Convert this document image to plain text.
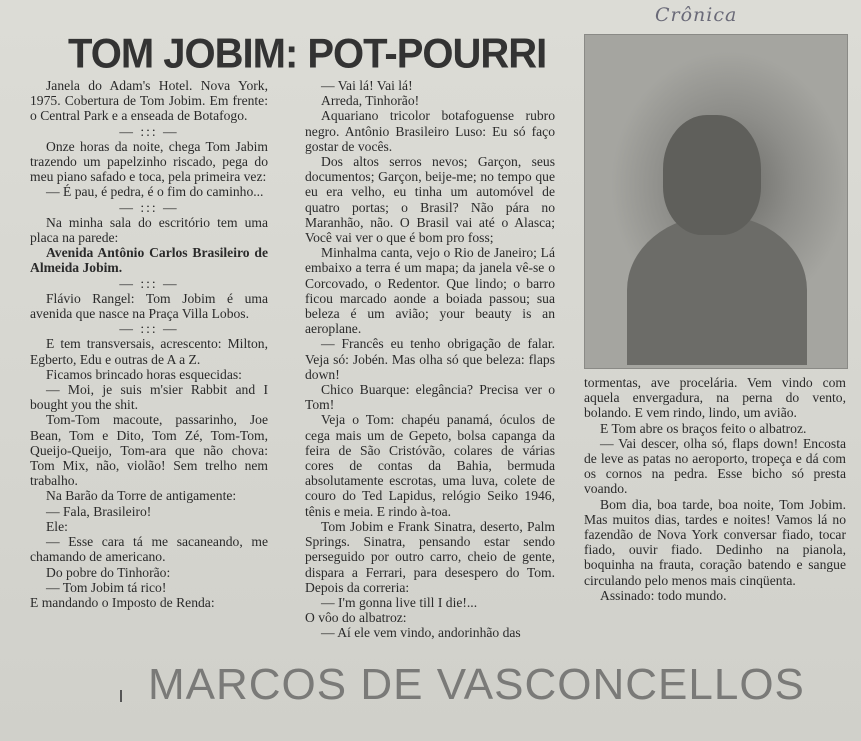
Crônica
TOM JOBIM: POT-POURRI

Janela do Adam's Hotel. Nova York, 1975. Cobertura de Tom Jobim. Em frente: o Central Park e a enseada de Botafogo.

— ::: —

Onze horas da noite, chega Tom Jabim trazendo um papelzinho riscado, pega do meu piano safado e toca, pela primeira vez:

— É pau, é pedra, é o fim do caminho...

— ::: —

Na minha sala do escritório tem uma placa na parede:

Avenida Antônio Carlos Brasileiro de Almeida Jobim.

— ::: —

Flávio Rangel: Tom Jobim é uma avenida que nasce na Praça Villa Lobos.

— ::: —

E tem transversais, acrescento: Milton, Egberto, Edu e outras de A a Z.

Ficamos brincado horas esquecidas:

— Moi, je suis m'sier Rabbit and I bought you the shit.

Tom-Tom macoute, passarinho, Joe Bean, Tom e Dito, Tom Zé, Tom-Tom, Queijo-Queijo, Tom-ara que não chova: Tom Mix, não, violão! Sem trelho nem trabalho.

Na Barão da Torre de antigamente:

— Fala, Brasileiro!

Ele:

— Esse cara tá me sacaneando, me chamando de americano.

Do pobre do Tinhorão:

— Tom Jobim tá rico!

E mandando o Imposto de Renda:

— Vai lá! Vai lá!

Arreda, Tinhorão!

Aquariano tricolor botafoguense rubro negro. Antônio Brasileiro Luso: Eu só faço gostar de vocês.

Dos altos serros nevos; Garçon, seus documentos; Garçon, beije-me; no tempo que eu era velho, eu tinha um automóvel de quatro portas; o Brasil? Não pára no Maranhão, não. O Brasil vai até o Alasca; Você vai ver o que é bom pro foss;

Minhalma canta, vejo o Rio de Janeiro; Lá embaixo a terra é um mapa; da janela vê-se o Corcovado, o Redentor. Que lindo; o barro ficou marcado aonde a boiada passou; sua beleza é um avião; your beauty is an aeroplane.

— Francês eu tenho obrigação de falar. Veja só: Jobén. Mas olha só que beleza: flaps down!

Chico Buarque: elegância? Precisa ver o Tom!

Veja o Tom: chapéu panamá, óculos de cega mais um de Gepeto, bolsa capanga da feira de São Cristóvão, colares de várias cores de contas da Bahia, bermuda absolutamente escrotas, uma luva, colete de couro do Ted Lapidus, relógio Seiko 1946, tênis e meia. E rindo à-toa.

Tom Jobim e Frank Sinatra, deserto, Palm Springs. Sinatra, pensando estar sendo perseguido por outro carro, cheio de gente, dispara a Ferrari, para desespero do Tom. Depois da correria:

— I'm gonna live till I die!...

O vôo do albatroz:

— Aí ele vem vindo, andorinhão das

tormentas, ave procelária. Vem vindo com aquela envergadura, na perna do vento, bolando. E vem rindo, lindo, um avião.

E Tom abre os braços feito o albatroz.

— Vai descer, olha só, flaps down! Encosta de leve as patas no aeroporto, tropeça e dá com os cornos na pedra. Esse bicho só presta voando.

Bom dia, boa tarde, boa noite, Tom Jobim. Mas muitos dias, tardes e noites! Vamos lá no fazendão de Nova York conversar fiado, tocar fiado, ouvir fiado. Dedinho na pianola, boquinha na frauta, coração batendo e sangue circulando pelo menos mais cinqüenta.

Assinado: todo mundo.

MARCOS DE VASCONCELLOS
